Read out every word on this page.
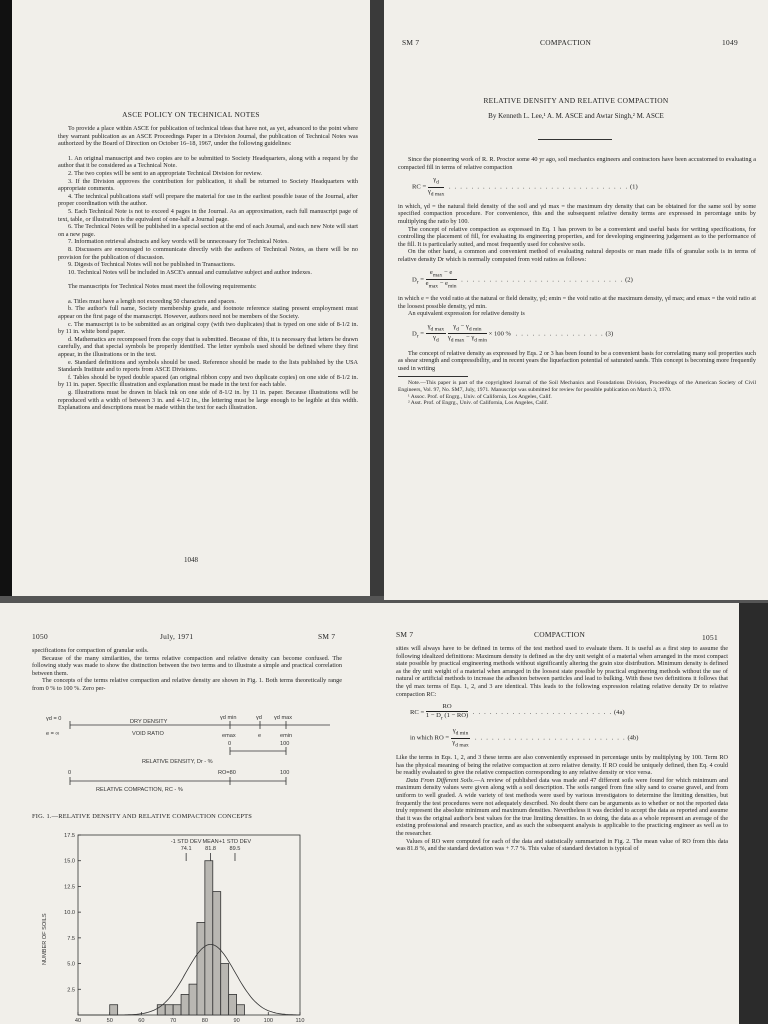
ASCE POLICY ON TECHNICAL NOTES

To provide a place within ASCE for publication of technical ideas that have not, as yet, advanced to the point where they warrant publication as an ASCE Proceedings Paper in a Division Journal, the publication of Technical Notes was authorized by the Board of Direction on October 16–18, 1967, under the following guidelines:

1. An original manuscript and two copies are to be submitted to Society Headquarters, along with a request by the author that it be considered as a Technical Note.

2. The two copies will be sent to an appropriate Technical Division for review.

3. If the Division approves the contribution for publication, it shall be returned to Society Headquarters with appropriate comments.

4. The technical publications staff will prepare the material for use in the earliest possible issue of the Journal, after proper coordination with the author.

5. Each Technical Note is not to exceed 4 pages in the Journal. As an approximation, each full manuscript page of text, table, or illustration is the equivalent of one-half a Journal page.

6. The Technical Notes will be published in a special section at the end of each Journal, and each new Note will start on a new page.

7. Information retrieval abstracts and key words will be unnecessary for Technical Notes.

8. Discussers are encouraged to communicate directly with the authors of Technical Notes, as there will be no provision for the publication of discussion.

9. Digests of Technical Notes will not be published in Transactions.

10. Technical Notes will be included in ASCE's annual and cumulative subject and author indexes.

The manuscripts for Technical Notes must meet the following requirements:

a. Titles must have a length not exceeding 50 characters and spaces.

b. The author's full name, Society membership grade, and footnote reference stating present employment must appear on the first page of the manuscript. However, authors need not be members of the Society.

c. The manuscript is to be submitted as an original copy (with two duplicates) that is typed on one side of 8-1/2 in. by 11 in. white bond paper.

d. Mathematics are recomposed from the copy that is submitted. Because of this, it is necessary that letters be drawn carefully, and that special symbols be properly identified. The letter symbols used should be defined where they first appear, in the illustrations or in the text.

e. Standard definitions and symbols should be used. Reference should be made to the lists published by the USA Standards Institute and to reports from ASCE Divisions.

f. Tables should be typed double spaced (an original ribbon copy and two duplicate copies) on one side of 8-1/2 in. by 11 in. paper. Specific illustration and explanation must be made in the text for each table.

g. Illustrations must be drawn in black ink on one side of 8-1/2 in. by 11 in. paper. Because illustrations will be reproduced with a width of between 3 in. and 4-1/2 in., the lettering must be large enough to be legible at this width. Explanations and descriptions must be made within the text for each illustration.

1048
SM 7	COMPACTION	1049
RELATIVE DENSITY AND RELATIVE COMPACTION
By Kenneth L. Lee,¹ A. M. ASCE and Awtar Singh,² M. ASCE

Since the pioneering work of R. R. Proctor some 40 yr ago, soil mechanics engineers and contractors have been accustomed to evaluating a compacted fill in terms of relative compaction

RC = $\frac{\gamma_d}{\gamma_{d max}}$ . . . . . . . . . . . . . . . . . . . . . . . . . . . . . . . . (1)

in which, γd = the natural field density of the soil and γd max = the maximum dry density that can be obtained for the same soil by some specified compaction procedure. For convenience, this and the subsequent relative density terms are expressed in percentage units by multiplying the ratio by 100.

The concept of relative compaction as expressed in Eq. 1 has proven to be a convenient and useful basis for writing specifications, for controlling the placement of fill, for evaluating its engineering properties, and for developing engineering judgement as to the performance of the fill. It is particularly suited, and most frequently used for cohesive soils.

On the other hand, a common and convenient method of evaluating natural deposits or man made fills of granular soils is in terms of relative density Dr which is normally computed from void ratios as follows:

$D_r = \frac{e_{max} - e}{e_{max} - e_{min}}$ . . . . . . . . . . . . . . . . . . . . . . . . . . . . . (2)

in which e = the void ratio at the natural or field density, γd; emin = the void ratio at the maximum density, γd max; and emax = the void ratio at the loosest possible density, γd min.

An equivalent expression for relative density is

$D_r = \frac{\gamma_{d max}}{\gamma_d}$
$\frac{\gamma_d - \gamma_{d min}}{\gamma_{d max} - \gamma_{d min}} \times 100$ %  . . . . . . . . . . . . . . . . (3)

The concept of relative density as expressed by Eqs. 2 or 3 has been found to be a convenient basis for correlating many soil properties such as shear strength and compressibility, and in recent years the liquefaction potential of saturated sands. This concept is becoming more frequently used in writing

Note.—This paper is part of the copyrighted Journal of the Soil Mechanics and Foundations Division, Proceedings of the American Society of Civil Engineers, Vol. 97, No. SM7, July, 1971. Manuscript was submitted for review for possible publication on March 3, 1970.

¹ Assoc. Prof. of Engrg., Univ. of California, Los Angeles, Calif.

² Asst. Prof. of Engrg., Univ. of California, Los Angeles, Calif.

1050	July, 1971	SM 7

specifications for compaction of granular soils.

Because of the many similarities, the terms relative compaction and relative density can become confused. The following study was made to show the distinction between the two terms and to illustrate a simple and practical correlation between them.

The concepts of the terms relative compaction and relative density are shown in Fig. 1. Both terms theoretically range from 0 % to 100 %. Zero per-

γd = 0	DRY DENSITY
VOID RATIO
e = ∞
γd min	γd γd max
emax	e	emin
0	100
RELATIVE DENSITY, Dr - %
0	RO=80	100
RELATIVE COMPACTION, RC - %
FIG. 1.—RELATIVE DENSITY AND RELATIVE COMPACTION CONCEPTS
2.5
5.0
7.5
10.0
12.5
15.0
17.5
40	50	60	70	80	90	100	110
-1 STD DEV
74.1
MEAN
81.8
+1 STD DEV
89.5
NUMBER OF SOILS
SM 7	COMPACTION	1051

sities will always have to be defined in terms of the test method used to evaluate them. It is useful as a first step to assume the following idealized definitions: Maximum density is defined as the dry unit weight of a material when arranged in the most compact state possible by practical engineering methods without significantly altering the grain size distribution. Minimum density is defined as the dry unit weight of a material when arranged in the loosest state possible by practical engineering methods without the use of natural or artificial methods to increase the adhesion between particles and lead to bulking. With these two definitions it follows that the γd max terms of Eqs. 1, 2, and 3 are identical. This leads to the following expression relating relative density Dr to relative compaction RC:

RC = $\frac{RO}{1 - D_r (1 - RO)}$ . . . . . . . . . . . . . . . . . . . . . . . . . (4a)
in which RO = $\frac{\gamma_{d min}}{\gamma_{d max}}$ . . . . . . . . . . . . . . . . . . . . . . . . . . . (4b)

Like the terms in Eqs. 1, 2, and 3 these terms are also conveniently expressed in percentage units by multiplying by 100. Term RO has the physical meaning of being the relative compaction at zero relative density. If RO could be uniquely defined, then Eq. 4 could be readily evaluated to give the relative compaction corresponding to any relative density or vice versa.

Data From Different Soils.—A review of published data was made and 47 different soils were found for which minimum and maximum density values were given along with a soil description. The soils ranged from fine silty sand to coarse gravel, and from uniform to well graded. A wide variety of test methods were used by various investigators to determine the limiting densities, but frequently the test procedures were not adequately described. No doubt there can be arguments as to whether or not the reported data truly represent the absolute minimum and maximum densities. Nevertheless it was decided to accept the data as reported and assume that it was the original author's best values for the true limiting densities. In so doing, the data as a whole represent an average of the existing professional and research practice, and as such the subsequent analysis is applicable to the practicing engineer as well as to the researcher.

Values of RO were computed for each of the data and statistically summarized in Fig. 2. The mean value of RO from this data was 81.8 %, and the standard deviation was + 7.7 %. This value of standard deviation is typical of
